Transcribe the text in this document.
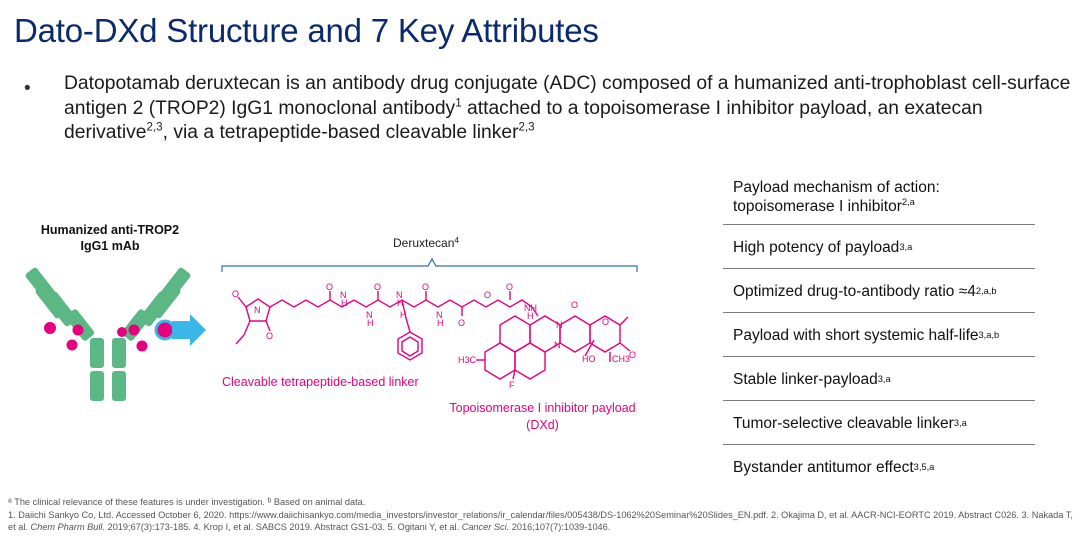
Dato-DXd Structure and 7 Key Attributes
• Datopotamab deruxtecan is an antibody drug conjugate (ADC) composed of a humanized anti-trophoblast cell-surface antigen 2 (TROP2) IgG1 monoclonal antibody$^1$ attached to a topoisomerase I inhibitor payload, an exatecan derivative$^{2,3}$, via a tetrapeptide-based cleavable linker$^{2,3}$
Humanized anti-TROP2
IgG1 mAb	Deruxtecan$^4$
Cleavable tetrapeptide-based linker
Topoisomerase I inhibitor payload
(DXd)
O
O
N
O
N
H
O
N
H
N
H
H
O
N
H O
O
O
NH
H
N
N
O
O
O
H3C
F
HO CH3
Payload mechanism of action:
topoisomerase I inhibitor$^{2,a}$
High potency of payload 3,a
Optimized drug-to-antibody ratio ≈4 2,a,b
Payload with short systemic half-life 3,a,b
Stable linker-payload 3,a
Tumor-selective cleavable linker 3,a
Bystander antitumor effect 3,5,a
$^a$ The clinical relevance of these features is under investigation. $^b$ Based on animal data.
1. Daiichi Sankyo Co, Ltd. Accessed October 6, 2020. https://www.daiichisankyo.com/media_investors/investor_relations/ir_calendar/files/005438/DS-1062%20Seminar%20Slides_EN.pdf. 2. Okajima D, et al. AACR-NCI-EORTC 2019. Abstract C026. 3. Nakada T, et al. Chem Pharm Bull. 2019;67(3):173-185. 4. Krop I, et al. SABCS 2019. Abstract GS1-03. 5. Ogitani Y, et al. Cancer Sci. 2016;107(7):1039-1046.
